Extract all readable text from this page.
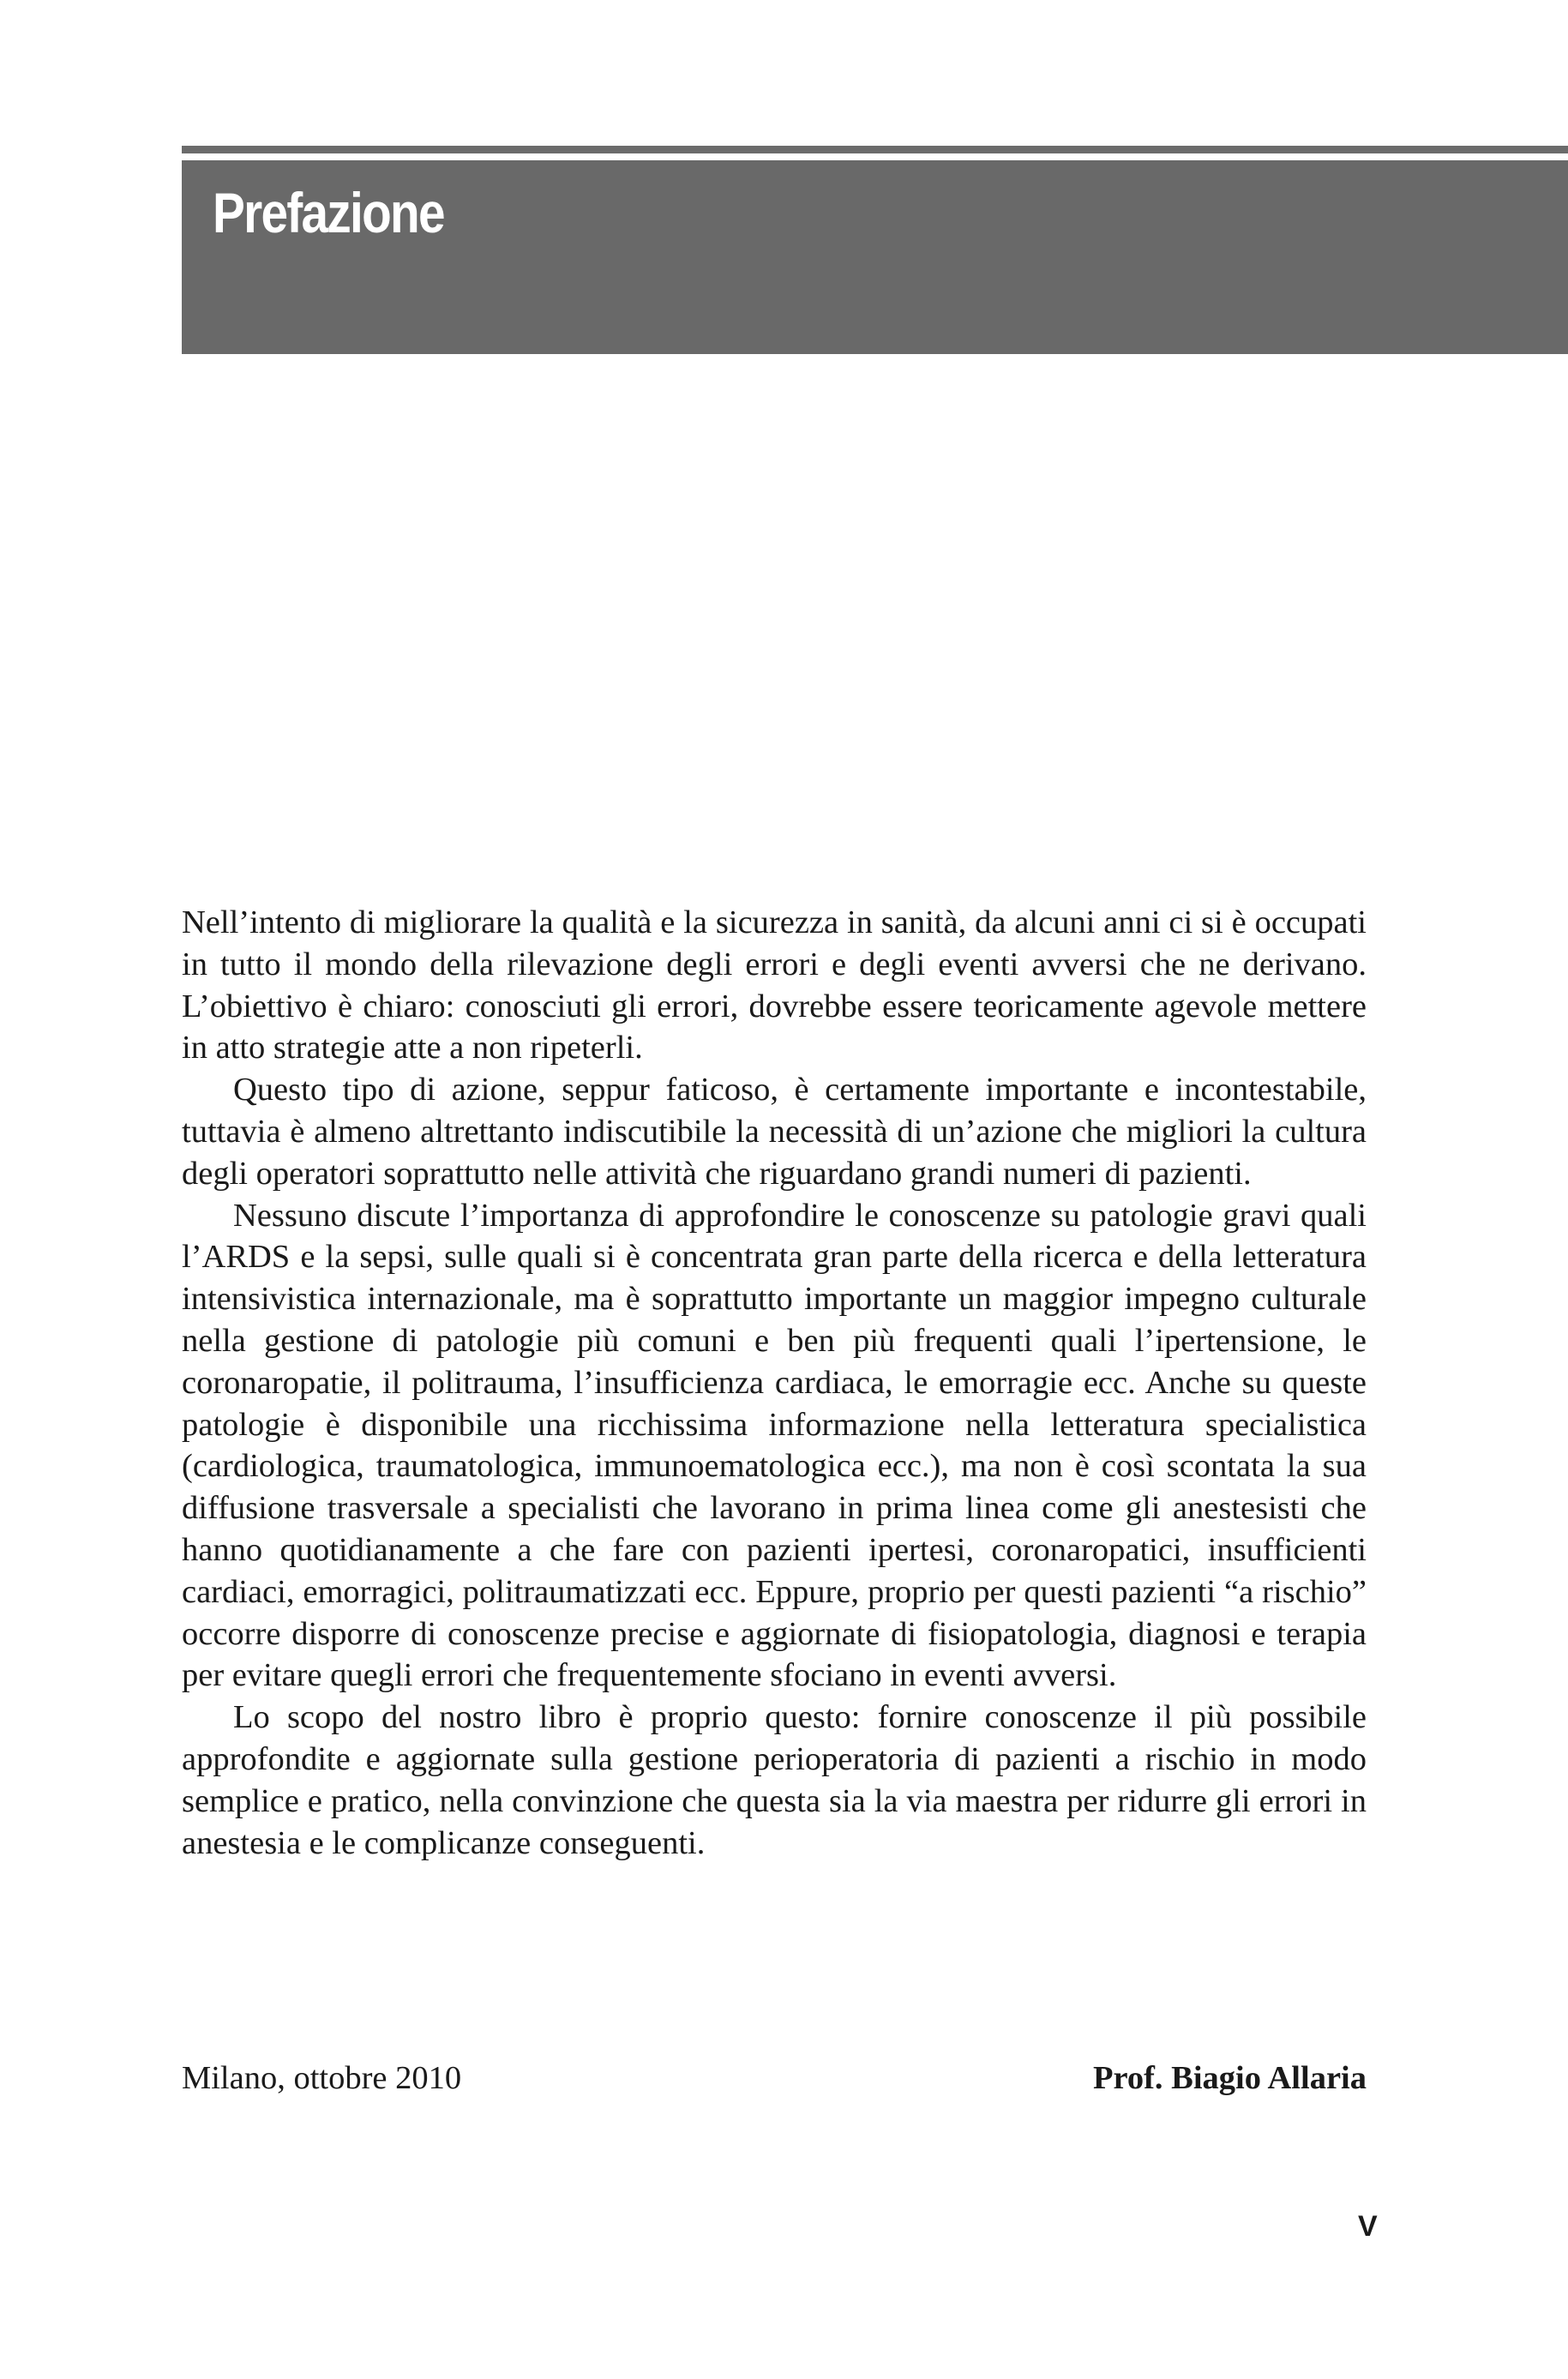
Prefazione

Nell’intento di migliorare la qualità e la sicurezza in sanità, da alcuni anni ci si è occupati in tutto il mondo della rilevazione degli errori e degli eventi avversi che ne derivano. L’obiettivo è chiaro: conosciuti gli errori, dovrebbe essere teoricamente agevole mettere in atto strategie atte a non ripeterli.

Questo tipo di azione, seppur faticoso, è certamente importante e incontestabile, tuttavia è almeno altrettanto indiscutibile la necessità di un’azione che migliori la cultura degli operatori soprattutto nelle attività che riguardano grandi numeri di pazienti.

Nessuno discute l’importanza di approfondire le conoscenze su patologie gravi quali l’ARDS e la sepsi, sulle quali si è concentrata gran parte della ricerca e della letteratura intensivistica internazionale, ma è soprattutto importante un maggior impegno culturale nella gestione di patologie più comuni e ben più frequenti quali l’ipertensione, le coronaropatie, il politrauma, l’insufficienza cardiaca, le emorragie ecc. Anche su queste patologie è disponibile una ricchissima informazione nella letteratura specialistica (cardiologica, traumatologica, immunoematologica ecc.), ma non è così scontata la sua diffusione trasversale a specialisti che lavorano in prima linea come gli anestesisti che hanno quotidianamente a che fare con pazienti ipertesi, coronaropatici, insufficienti cardiaci, emorragici, politraumatizzati ecc. Eppure, proprio per questi pazienti “a rischio” occorre disporre di conoscenze precise e aggiornate di fisiopatologia, diagnosi e terapia per evitare quegli errori che frequentemente sfociano in eventi avversi.

Lo scopo del nostro libro è proprio questo: fornire conoscenze il più possibile approfondite e aggiornate sulla gestione perioperatoria di pazienti a rischio in modo semplice e pratico, nella convinzione che questa sia la via maestra per ridurre gli errori in anestesia e le complicanze conseguenti.

Milano, ottobre 2010	Prof. Biagio Allaria
V
